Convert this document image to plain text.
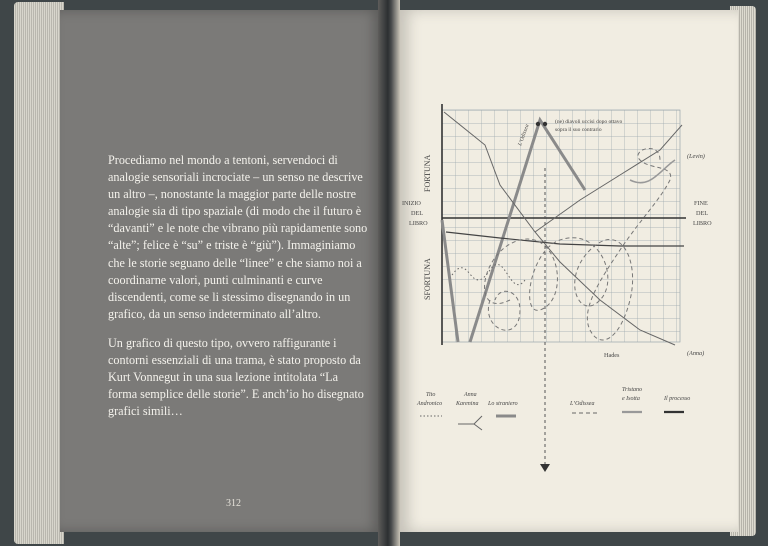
Procediamo nel mondo a tentoni, servendoci di analogie sensoriali incrociate – un senso ne descrive un altro –, nonostante la maggior parte delle nostre analogie sia di tipo spaziale (di modo che il futuro è “davanti” e le note che vibrano più rapidamente sono “alte”; felice è “su” e triste è “giù”). Immaginiamo che le storie seguano delle “linee” e che siamo noi a coordinarne valori, punti culminanti e curve discendenti, come se li stessimo disegnando in un grafico, da un senso indeterminato all’altro.

Un grafico di questo tipo, ovvero raffigurante i contorni essenziali di una trama, è stato proposto da Kurt Vonnegut in una sua lezione intitolata “La forma semplice delle storie”. E anch’io ho disegnato grafici simili…

312
FORTUNA
SFORTUNA
INIZIO
DEL
LIBRO
FINE
DEL
LIBRO
(ne) diavoli uccisi dopo ottavo
sopra il suo contrario
L’Odissea
(Levin)
(Anna)
Hades
Tito
Andronico
Anna
Karenina Lo straniero	L’Odissea
Tristano
e Isotta	Il processo
